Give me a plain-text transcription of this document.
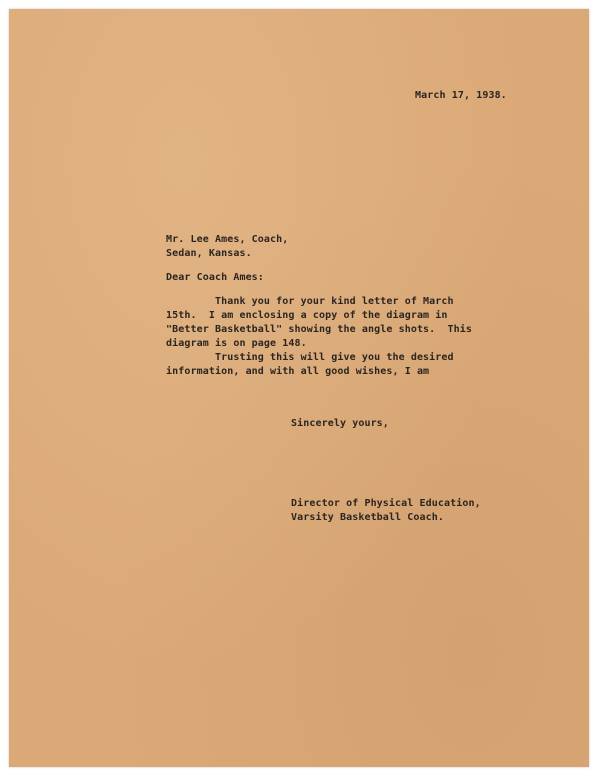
March 17, 1938.

Mr. Lee Ames, Coach,

Sedan, Kansas.

Dear Coach Ames:

Thank you for your kind letter of March
15th.  I am enclosing a copy of the diagram in
"Better Basketball" showing the angle shots.  This
diagram is on page 148.

Trusting this will give you the desired
information, and with all good wishes, I am

Sincerely yours,

Director of Physical Education,

Varsity Basketball Coach.
